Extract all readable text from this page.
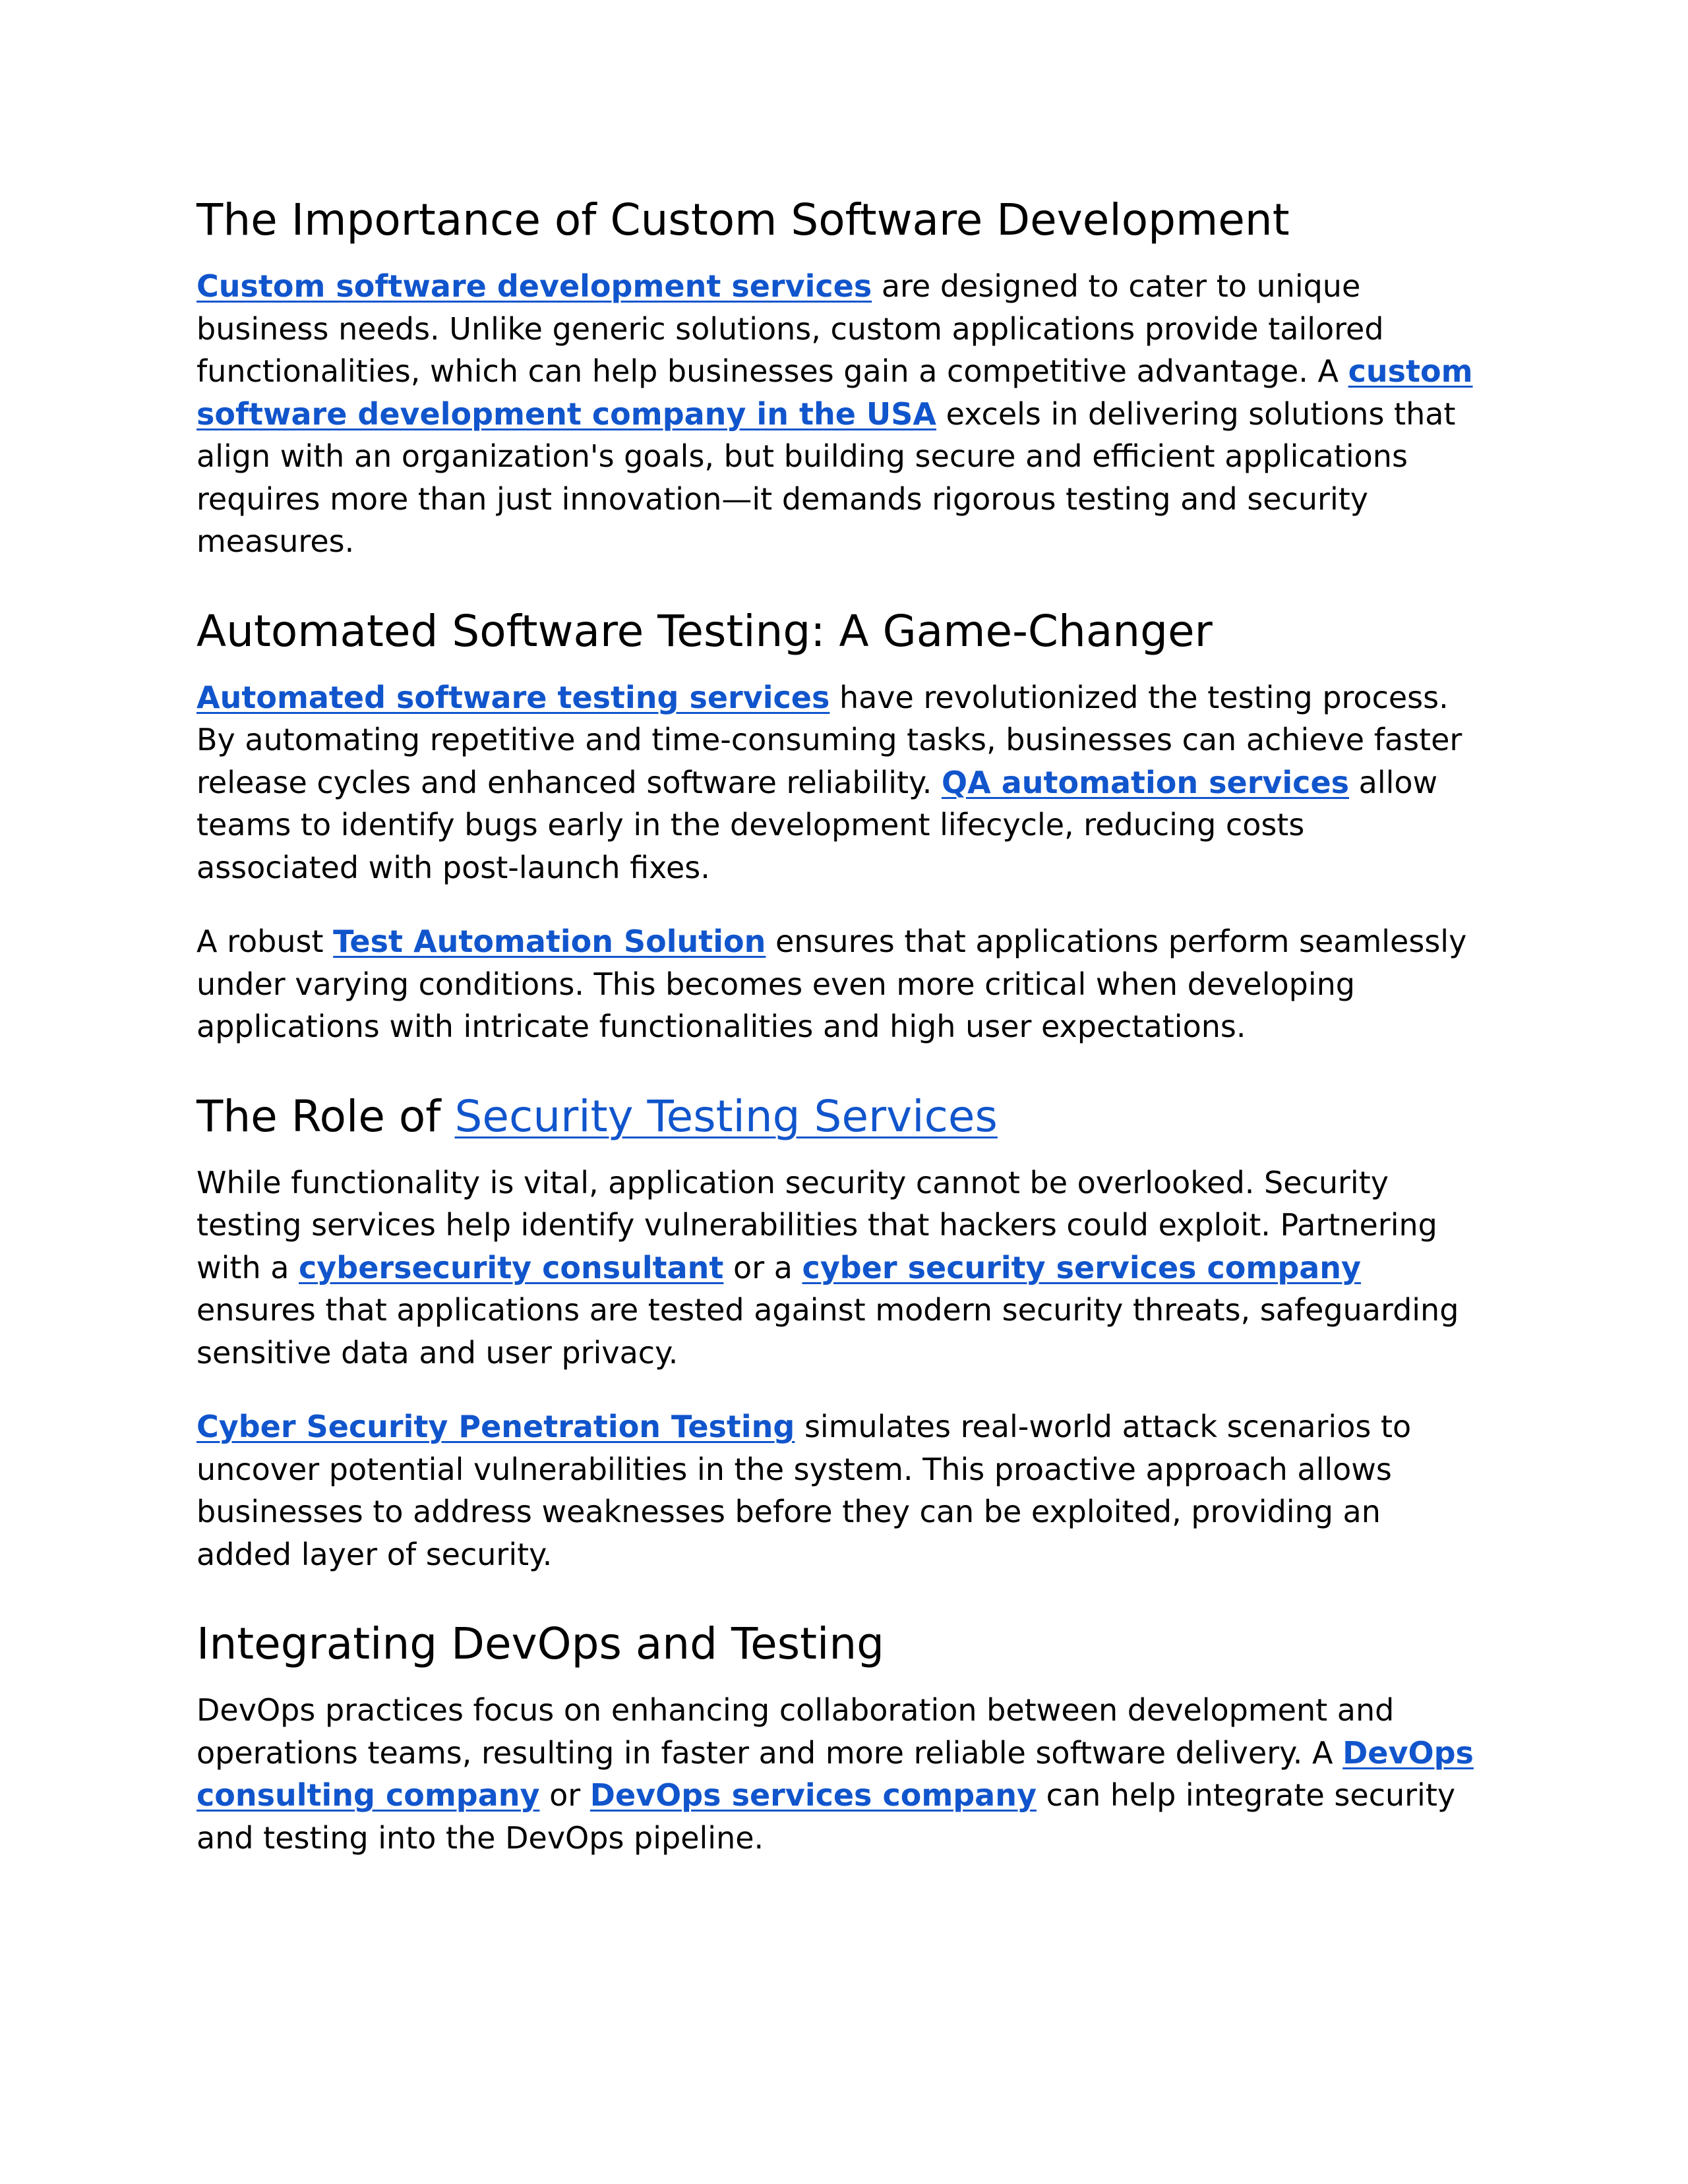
The Importance of Custom Software Development

Custom software development services are designed to cater to unique business needs. Unlike generic solutions, custom applications provide tailored functionalities, which can help businesses gain a competitive advantage. A custom software development company in the USA excels in delivering solutions that align with an organization's goals, but building secure and efficient applications requires more than just innovation—it demands rigorous testing and security measures.

Automated Software Testing: A Game-Changer

Automated software testing services have revolutionized the testing process. By automating repetitive and time-consuming tasks, businesses can achieve faster release cycles and enhanced software reliability. QA automation services allow teams to identify bugs early in the development lifecycle, reducing costs associated with post-launch fixes.

A robust Test Automation Solution ensures that applications perform seamlessly under varying conditions. This becomes even more critical when developing applications with intricate functionalities and high user expectations.

The Role of Security Testing Services

While functionality is vital, application security cannot be overlooked. Security testing services help identify vulnerabilities that hackers could exploit. Partnering with a cybersecurity consultant or a cyber security services company ensures that applications are tested against modern security threats, safeguarding sensitive data and user privacy.

Cyber Security Penetration Testing simulates real-world attack scenarios to uncover potential vulnerabilities in the system. This proactive approach allows businesses to address weaknesses before they can be exploited, providing an added layer of security.

Integrating DevOps and Testing

DevOps practices focus on enhancing collaboration between development and operations teams, resulting in faster and more reliable software delivery. A DevOps consulting company or DevOps services company can help integrate security and testing into the DevOps pipeline.
